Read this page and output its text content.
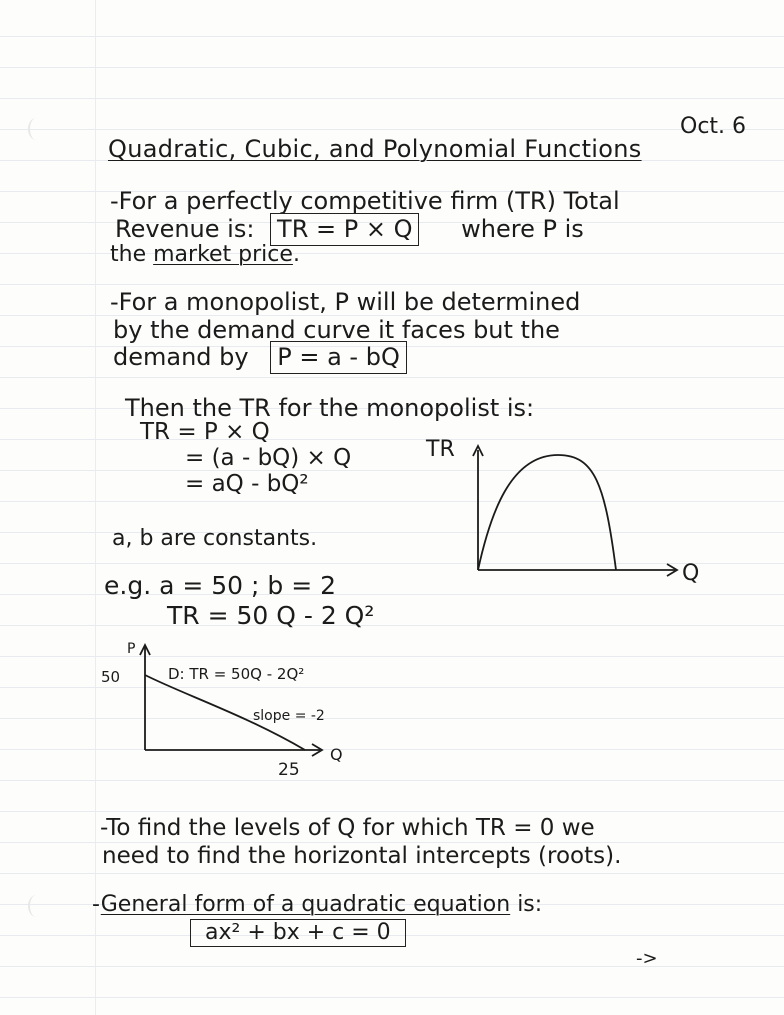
Oct. 6
Quadratic, Cubic, and Polynomial Functions
-For a perfectly competitive firm (TR) Total
Revenue is: TR = P × Q where P is
the market price.
-For a monopolist, P will be determined
by the demand curve it faces but the
demand by P = a - bQ
Then the TR for the monopolist is:
TR = P × Q
= (a - bQ) × Q
= aQ - bQ²
a, b are constants.
TR
Q
e.g. a = 50 ; b = 2
TR = 50 Q - 2 Q²
P
50	D: TR = 50Q - 2Q²
slope = -2
25
Q
-To find the levels of Q for which TR = 0 we
need to find the horizontal intercepts (roots).
-General form of a quadratic equation is:
ax² + bx + c = 0
->
